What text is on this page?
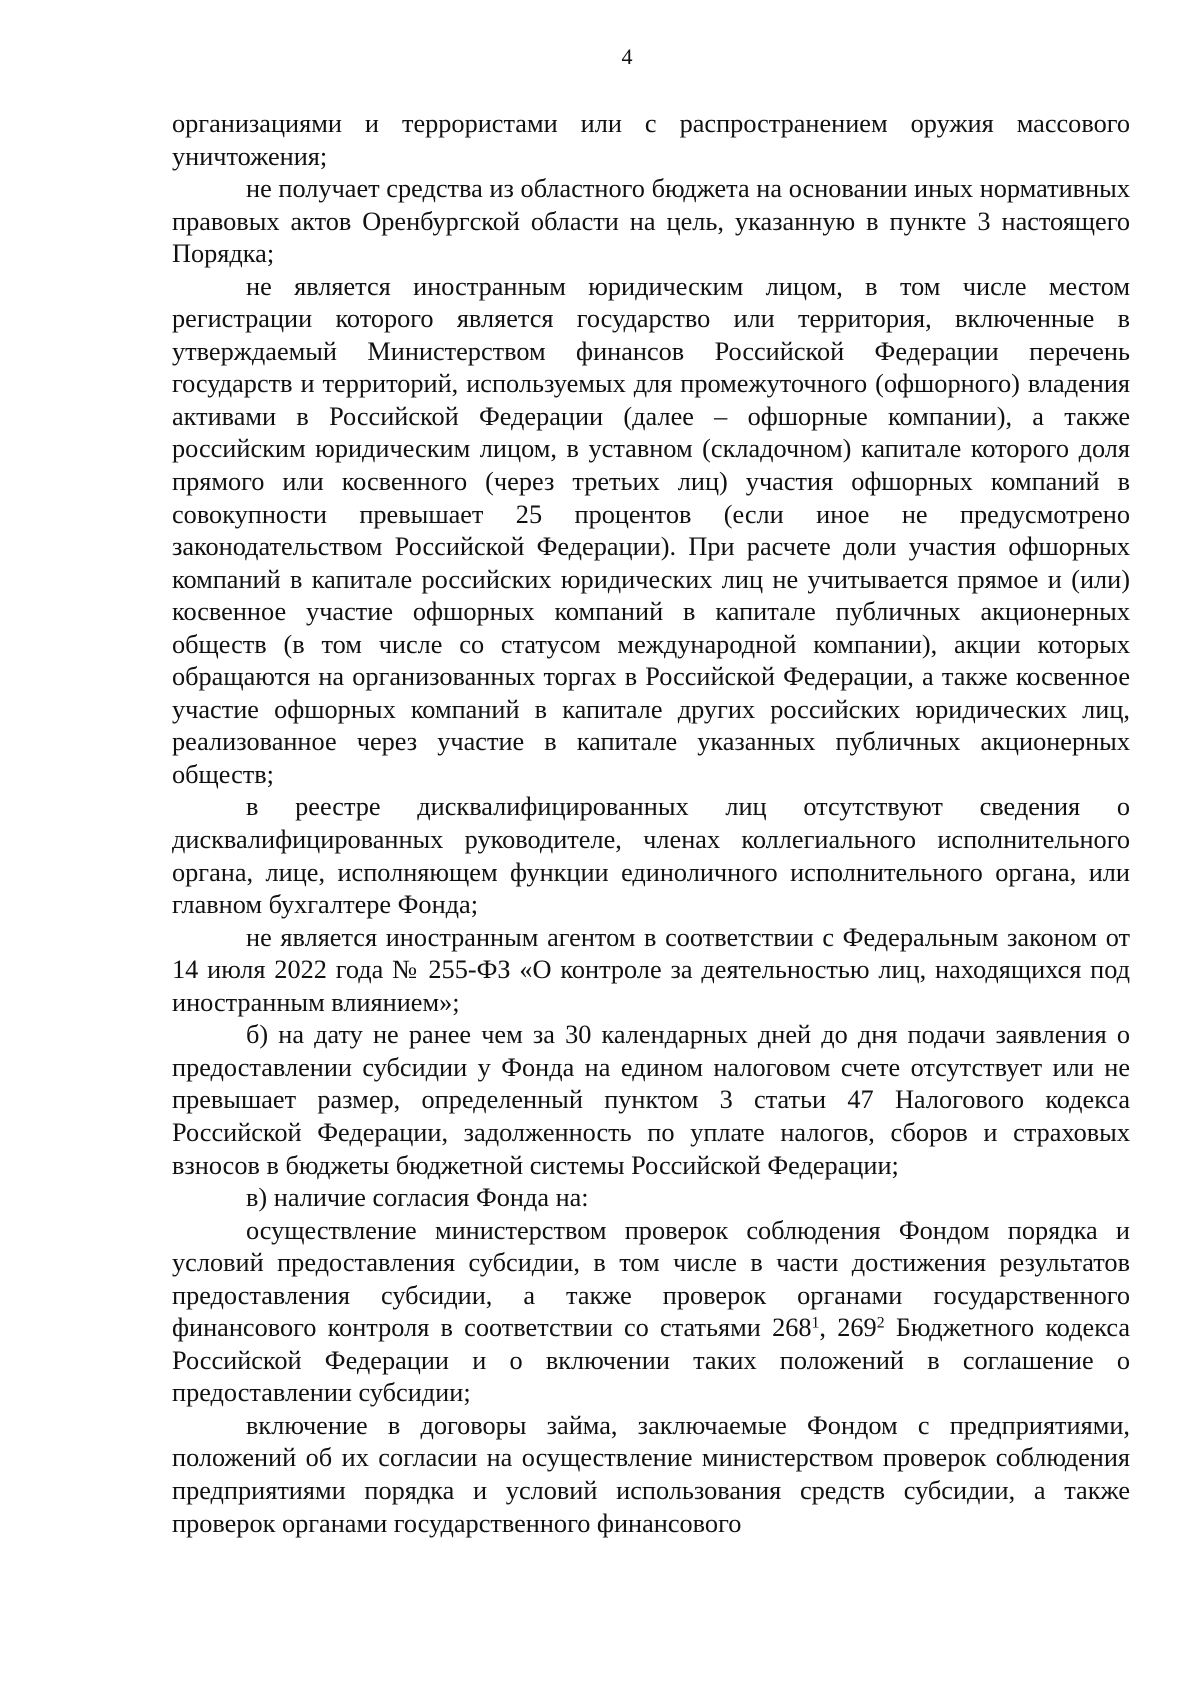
4

организациями и террористами или с распространением оружия массового уничтожения;

не получает средства из областного бюджета на основании иных нормативных правовых актов Оренбургской области на цель, указанную в пункте 3 настоящего Порядка;

не является иностранным юридическим лицом, в том числе местом регистрации которого является государство или территория, включенные в утверждаемый Министерством финансов Российской Федерации перечень государств и территорий, используемых для промежуточного (офшорного) владения активами в Российской Федерации (далее – офшорные компании), а также российским юридическим лицом, в уставном (складочном) капитале которого доля прямого или косвенного (через третьих лиц) участия офшорных компаний в совокупности превышает 25 процентов (если иное не предусмотрено законодательством Российской Федерации). При расчете доли участия офшорных компаний в капитале российских юридических лиц не учитывается прямое и (или) косвенное участие офшорных компаний в капитале публичных акционерных обществ (в том числе со статусом международной компании), акции которых обращаются на организованных торгах в Российской Федерации, а также косвенное участие офшорных компаний в капитале других российских юридических лиц, реализованное через участие в капитале указанных публичных акционерных обществ;

в реестре дисквалифицированных лиц отсутствуют сведения о дисквалифицированных руководителе, членах коллегиального исполнительного органа, лице, исполняющем функции единоличного исполнительного органа, или главном бухгалтере Фонда;

не является иностранным агентом в соответствии с Федеральным законом от 14 июля 2022 года № 255-ФЗ «О контроле за деятельностью лиц, находящихся под иностранным влиянием»;

б) на дату не ранее чем за 30 календарных дней до дня подачи заявления о предоставлении субсидии у Фонда на едином налоговом счете отсутствует или не превышает размер, определенный пунктом 3 статьи 47 Налогового кодекса Российской Федерации, задолженность по уплате налогов, сборов и страховых взносов в бюджеты бюджетной системы Российской Федерации;

в) наличие согласия Фонда на:

осуществление министерством проверок соблюдения Фондом порядка и условий предоставления субсидии, в том числе в части достижения результатов предоставления субсидии, а также проверок органами государственного финансового контроля в соответствии со статьями $268^1$, $269^2$ Бюджетного кодекса Российской Федерации и о включении таких положений в соглашение о предоставлении субсидии;

включение в договоры займа, заключаемые Фондом с предприятиями, положений об их согласии на осуществление министерством проверок соблюдения предприятиями порядка и условий использования средств субсидии, а также проверок органами государственного финансового
